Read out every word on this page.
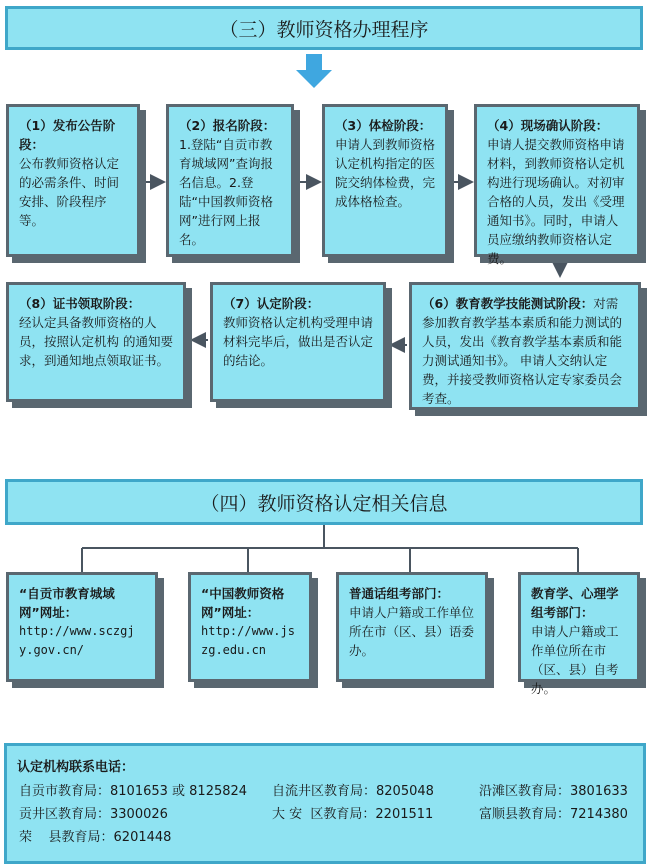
（三）教师资格办理程序
（1）发布公告阶段：
公布教师资格认定的必需条件、时间安排、阶段程序等。
（2）报名阶段：
1.登陆“自贡市教育城域网”查询报名信息。2.登陆“中国教师资格网”进行网上报名。
（3）体检阶段：
申请人到教师资格认定机构指定的医院交纳体检费，完成体格检查。
（4）现场确认阶段：
申请人提交教师资格申请材料，到教师资格认定机构进行现场确认。对初审合格的人员，发出《受理通知书》。同时，申请人员应缴纳教师资格认定费。
（8）证书领取阶段：
经认定具备教师资格的人员，按照认定机构 的通知要求，到通知地点领取证书。
（7）认定阶段：
教师资格认定机构受理申请材料完毕后，做出是否认定的结论。
（6）教育教学技能测试阶段：对需参加教育教学基本素质和能力测试的人员，发出《教育教学基本素质和能力测试通知书》。 申请人交纳认定费，并接受教师资格认定专家委员会考查。
（四）教师资格认定相关信息
“自贡市教育城域网”网址：
http://www.sczgjy.gov.cn/
“中国教师资格网”网址：
http://www.jszg.edu.cn
普通话组考部门：
申请人户籍或工作单位所在市（区、县）语委办。
教育学、心理学组考部门：
申请人户籍或工作单位所在市（区、县）自考办。
认定机构联系电话：
自贡市教育局：8101653 或 8125824 自流井区教育局：8205048	沿滩区教育局：3801633
贡井区教育局：3300026	大 安  区教育局：2201511	富顺县教育局：7214380
荣    县教育局：6201448
